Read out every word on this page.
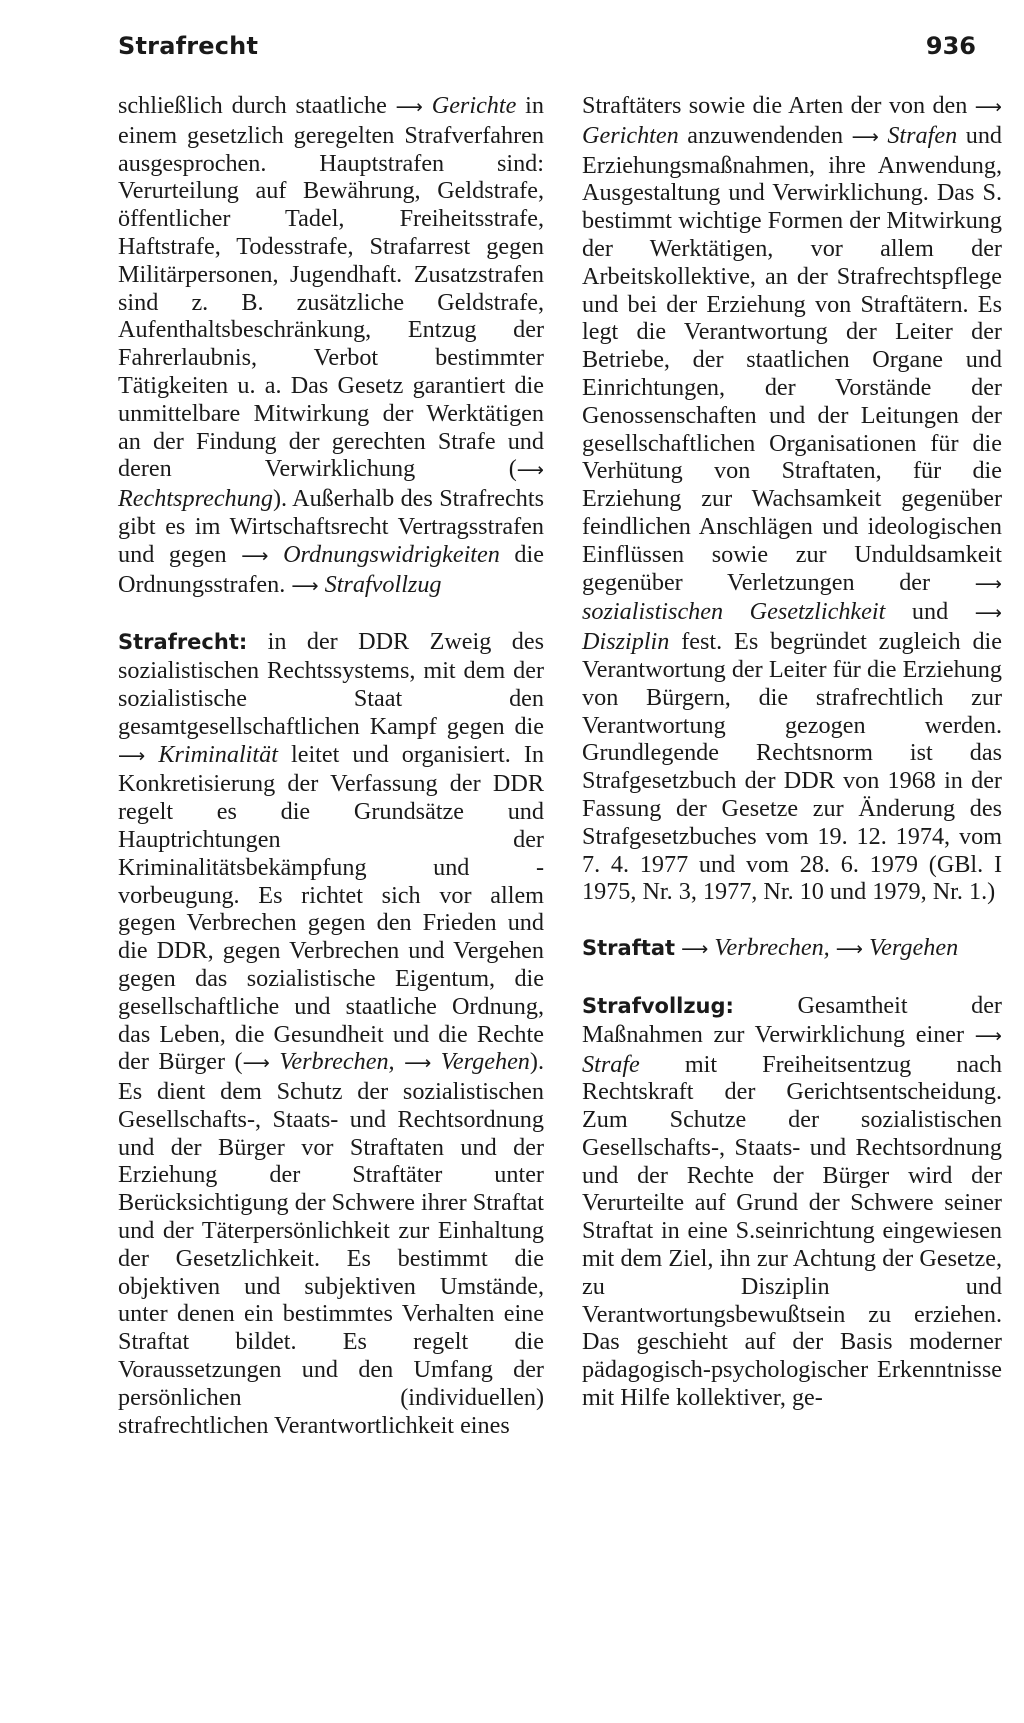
Strafrecht	936

schließlich durch staatliche ⟶ Gerichte in einem gesetzlich geregelten Strafverfahren ausgesprochen. Hauptstrafen sind: Verurteilung auf Bewährung, Geldstrafe, öffentlicher Tadel, Freiheitsstrafe, Haftstrafe, Todesstrafe, Strafarrest gegen Militärpersonen, Jugendhaft. Zusatzstrafen sind z. B. zusätzliche Geldstrafe, Aufenthaltsbeschränkung, Entzug der Fahrerlaubnis, Verbot bestimmter Tätigkeiten u. a. Das Gesetz garantiert die unmittelbare Mitwirkung der Werktätigen an der Findung der gerechten Strafe und deren Verwirklichung (⟶ Rechtsprechung). Außerhalb des Strafrechts gibt es im Wirtschaftsrecht Vertragsstrafen und gegen ⟶ Ordnungswidrigkeiten die Ordnungsstrafen. ⟶ Strafvollzug

Strafrecht: in der DDR Zweig des sozialistischen Rechtssystems, mit dem der sozialistische Staat den gesamtgesellschaftlichen Kampf gegen die ⟶ Kriminalität leitet und organisiert. In Konkretisierung der Verfassung der DDR regelt es die Grundsätze und Hauptrichtungen der Kriminalitätsbekämpfung und -vorbeugung. Es richtet sich vor allem gegen Verbrechen gegen den Frieden und die DDR, gegen Verbrechen und Vergehen gegen das sozialistische Eigentum, die gesellschaftliche und staatliche Ordnung, das Leben, die Gesundheit und die Rechte der Bürger (⟶ Verbrechen, ⟶ Vergehen). Es dient dem Schutz der sozialistischen Gesellschafts-, Staats- und Rechtsordnung und der Bürger vor Straftaten und der Erziehung der Straftäter unter Berücksichtigung der Schwere ihrer Straftat und der Täterpersönlichkeit zur Einhaltung der Gesetzlichkeit. Es bestimmt die objektiven und subjektiven Umstände, unter denen ein bestimmtes Verhalten eine Straftat bildet. Es regelt die Voraussetzungen und den Umfang der persönlichen (individuellen) strafrechtlichen Verantwortlichkeit eines

Straftäters sowie die Arten der von den ⟶ Gerichten anzuwendenden ⟶ Strafen und Erziehungsmaßnahmen, ihre Anwendung, Ausgestaltung und Verwirklichung. Das S. bestimmt wichtige Formen der Mitwirkung der Werktätigen, vor allem der Arbeitskollektive, an der Strafrechtspflege und bei der Erziehung von Straftätern. Es legt die Verantwortung der Leiter der Betriebe, der staatlichen Organe und Einrichtungen, der Vorstände der Genossenschaften und der Leitungen der gesellschaftlichen Organisationen für die Verhütung von Straftaten, für die Erziehung zur Wachsamkeit gegenüber feindlichen Anschlägen und ideologischen Einflüssen sowie zur Unduldsamkeit gegenüber Verletzungen der ⟶ sozialistischen Gesetzlichkeit und ⟶ Disziplin fest. Es begründet zugleich die Verantwortung der Leiter für die Erziehung von Bürgern, die strafrechtlich zur Verantwortung gezogen werden. Grundlegende Rechtsnorm ist das Strafgesetzbuch der DDR von 1968 in der Fassung der Gesetze zur Änderung des Strafgesetzbuches vom 19. 12. 1974, vom 7. 4. 1977 und vom 28. 6. 1979 (GBl. I 1975, Nr. 3, 1977, Nr. 10 und 1979, Nr. 1.)

Straftat ⟶ Verbrechen, ⟶ Vergehen

Strafvollzug: Gesamtheit der Maßnahmen zur Verwirklichung einer ⟶ Strafe mit Freiheitsentzug nach Rechtskraft der Gerichtsentscheidung. Zum Schutze der sozialistischen Gesellschafts-, Staats- und Rechtsordnung und der Rechte der Bürger wird der Verurteilte auf Grund der Schwere seiner Straftat in eine S.seinrichtung eingewiesen mit dem Ziel, ihn zur Achtung der Gesetze, zu Disziplin und Verantwortungsbewußtsein zu erziehen. Das geschieht auf der Basis moderner pädagogisch-psychologischer Erkenntnisse mit Hilfe kollektiver, ge-
